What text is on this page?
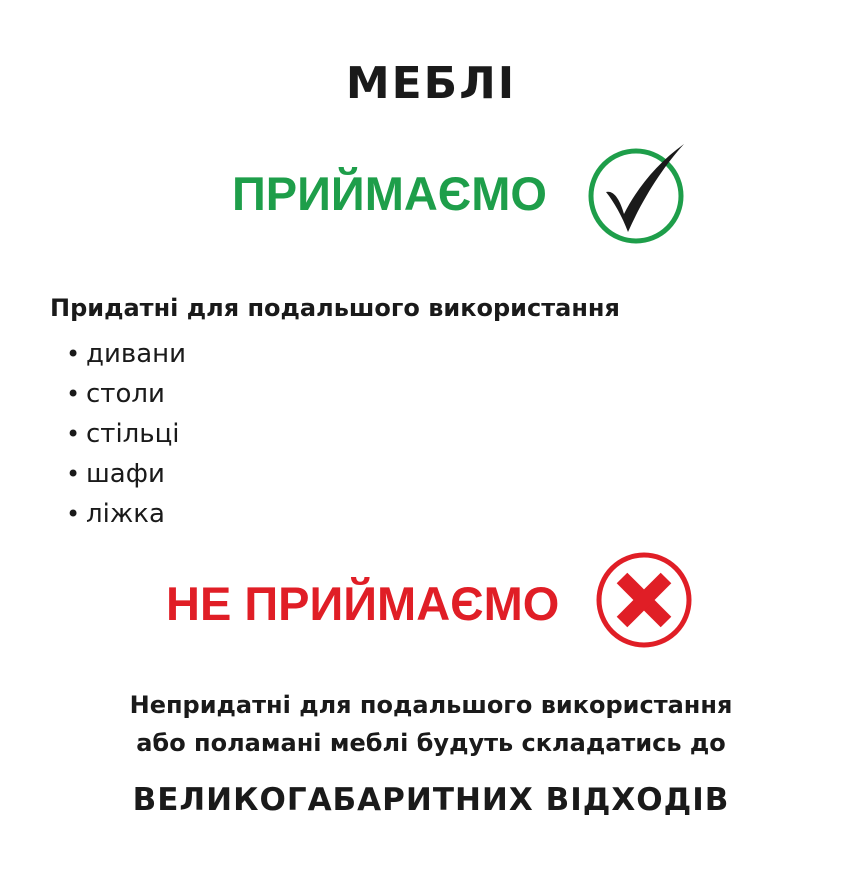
МЕБЛІ
ПРИЙМАЄМО
Придатні для подальшого використання
• дивани
• столи
• стільці
• шафи
• ліжка
НЕ ПРИЙМАЄМО
Непридатні для подальшого використання
або поламані меблі будуть складатись до
ВЕЛИКОГАБАРИТНИХ ВІДХОДІВ
